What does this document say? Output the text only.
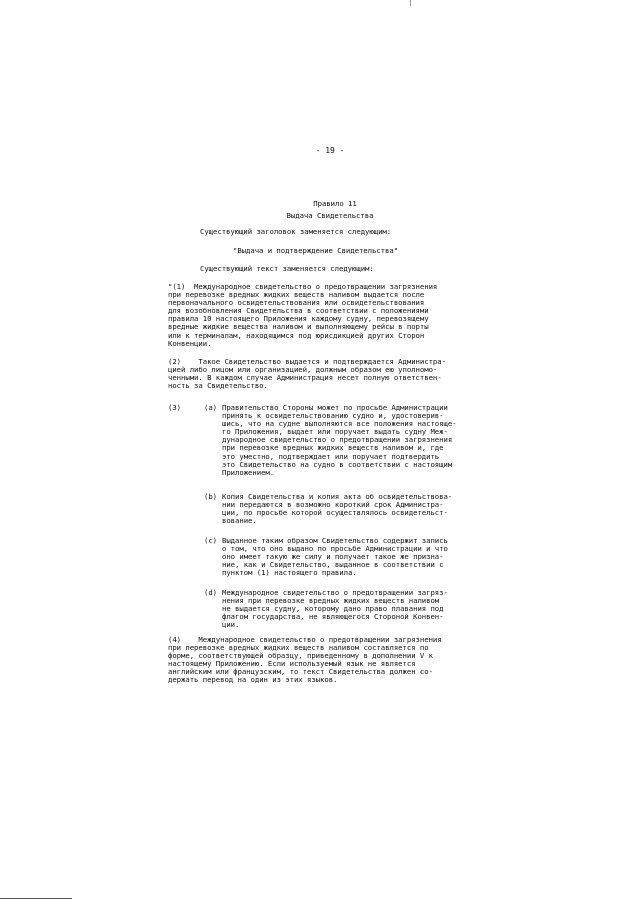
- 19 -
Правило 11
Выдача Свидетельства
Существующий заголовок заменяется следующим:
"Выдача и подтверждение Свидетельства"
Существующий текст заменяется следующим:
"(1)  Международное свидетельство о предотвращении загрязнения
при перевозке вредных жидких веществ наливом выдается после
первоначального освидетельствования или освидетельствования
для возобновления Свидетельства в соответствии с положениями
правила 10 настоящего Приложения каждому судну, перевозящему
вредные жидкие вещества наливом и выполняющему рейсы в порты
или к терминалам, находящимся под юрисдикцией других Сторон
Конвенции.
(2)    Такое Свидетельство выдается и подтверждается Администра-
цией либо лицом или организацией, должным образом ею уполномо-
ченными. В каждом случае Администрация несет полную ответствен-
ность за Свидетельство.
(3)	(a) Правительство Стороны может по просьбе Администрации
принять к освидетельствованию судно и, удостоверив-
шись, что на судне выполняются все положения настояще-
го Приложения, выдает или поручает выдать судну Меж-
дународное свидетельство о предотвращении загрязнения
при перевозке вредных жидких веществ наливом и, где
это уместно, подтверждает или поручает подтвердить
это Свидетельство на судно в соответствии с настоящим
Приложением.
(b) Копия Свидетельства и копия акта об освидетельствова-
нии передаются в возможно короткий срок Администра-
ции, по просьбе которой осуществлялось освидетельст-
вование.
(c) Выданное таким образом Свидетельство содержит запись
о том, что оно выдано по просьбе Администрации и что
оно имеет такую же силу и получает такое же призна-
ние, как и Свидетельство, выданное в соответствии с
пунктом (1) настоящего правила.
(d) Международное свидетельство о предотвращении загряз-
нения при перевозке вредных жидких веществ наливом
не выдается судну, которому дано право плавания под
флагом государства, не являющегося Стороной Конвен-
ции.
(4)    Международное свидетельство о предотвращении загрязнения
при перевозке вредных жидких веществ наливом составляется по
форме, соответствующей образцу, приведенному в дополнении V к
настоящему Приложению. Если используемый язык не является
английским или французским, то текст Свидетельства должен со-
держать перевод на один из этих языков.
